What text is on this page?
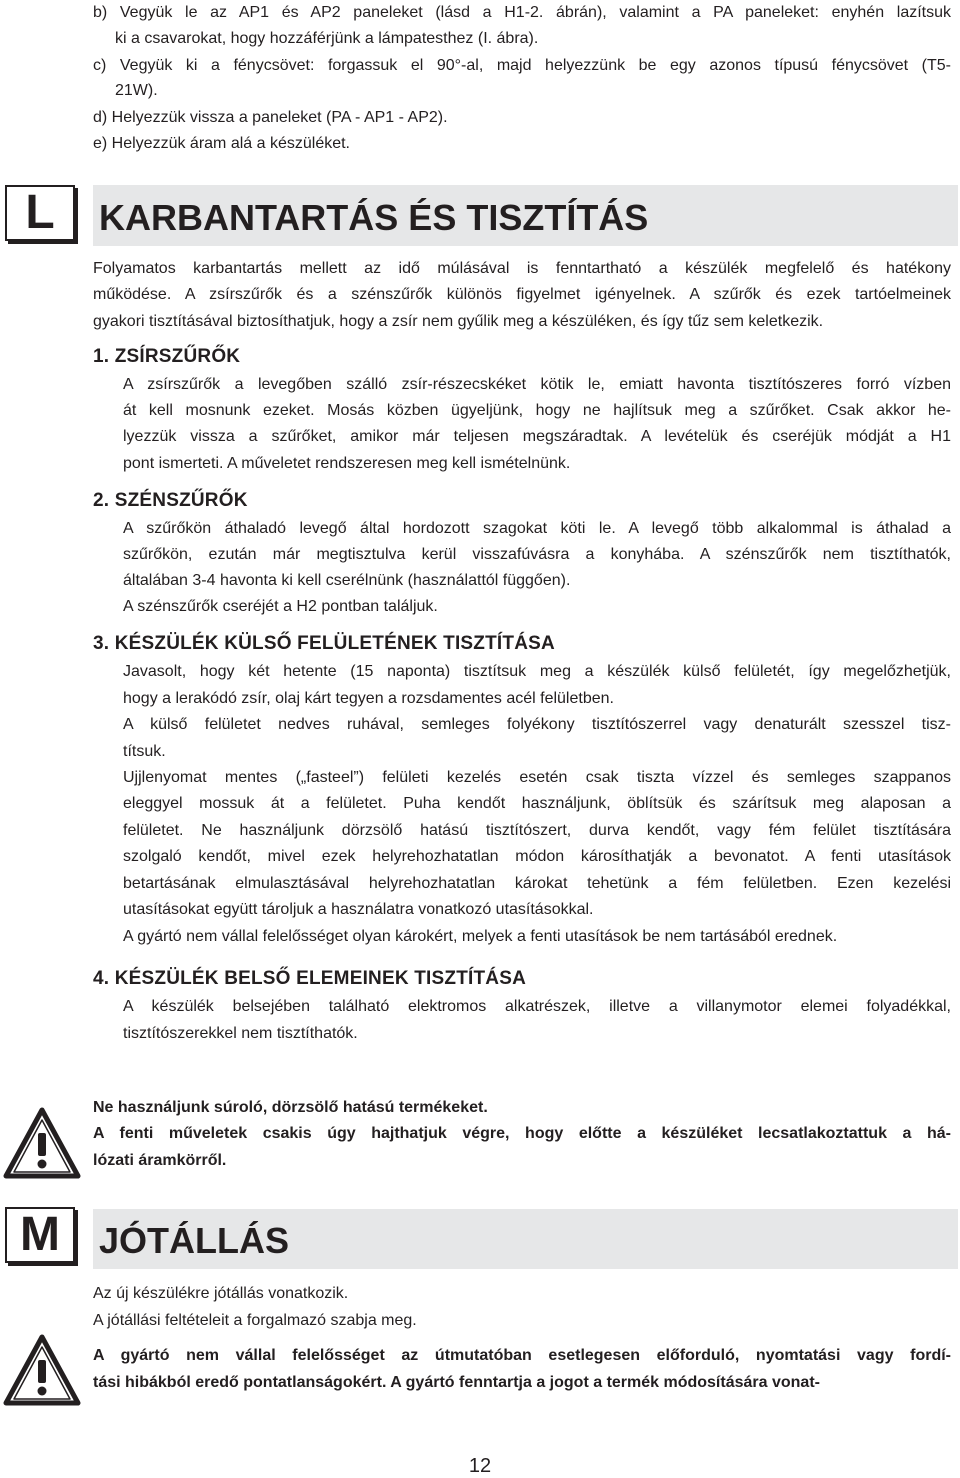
b) Vegyük le az AP1 és AP2 paneleket (lásd a H1-2. ábrán), valamint a PA paneleket: enyhén lazítsuk
ki a csavarokat, hogy hozzáférjünk a lámpatesthez (I. ábra).
c) Vegyük ki a fénycsövet: forgassuk el 90°-al, majd helyezzünk be egy azonos típusú fénycsövet (T5-
21W).
d) Helyezzük vissza a paneleket (PA - AP1 - AP2).
e) Helyezzük áram alá a készüléket.
L	KARBANTARTÁS ÉS TISZTÍTÁS
Folyamatos karbantartás mellett az idő múlásával is fenntartható a készülék megfelelő és hatékony
működése. A zsírszűrők és a szénszűrők különös figyelmet igényelnek. A szűrők és ezek tartóelmeinek
gyakori tisztításával biztosíthatjuk, hogy a zsír nem gyűlik meg a készüléken, és így tűz sem keletkezik.
1. ZSÍRSZŰRŐK
A zsírszűrők a levegőben szálló zsír-részecskéket kötik le, emiatt havonta tisztítószeres forró vízben
át kell mosnunk ezeket. Mosás közben ügyeljünk, hogy ne hajlítsuk meg a szűrőket. Csak akkor he-
lyezzük vissza a szűrőket, amikor már teljesen megszáradtak. A levételük és cseréjük módját a H1
pont ismerteti. A műveletet rendszeresen meg kell ismételnünk.
2. SZÉNSZŰRŐK
A szűrőkön áthaladó levegő által hordozott szagokat köti le. A levegő több alkalommal is áthalad a
szűrőkön, ezután már megtisztulva kerül visszafúvásra a konyhába. A szénszűrők nem tisztíthatók,
általában 3-4 havonta ki kell cserélnünk (használattól függően).
A szénszűrők cseréjét a H2 pontban találjuk.
3. KÉSZÜLÉK KÜLSŐ FELÜLETÉNEK TISZTÍTÁSA
Javasolt, hogy két hetente (15 naponta) tisztítsuk meg a készülék külső felületét, így megelőzhetjük,
hogy a lerakódó zsír, olaj kárt tegyen a rozsdamentes acél felületben.
A külső felületet nedves ruhával, semleges folyékony tisztítószerrel vagy denaturált szesszel tisz-
títsuk.
Ujjlenyomat mentes („fasteel”) felületi kezelés esetén csak tiszta vízzel és semleges szappanos
eleggyel mossuk át a felületet. Puha kendőt használjunk, öblítsük és szárítsuk meg alaposan a
felületet. Ne használjunk dörzsölő hatású tisztítószert, durva kendőt, vagy fém felület tisztítására
szolgaló kendőt, mivel ezek helyrehozhatatlan módon károsíthatják a bevonatot. A fenti utasítások
betartásának elmulasztásával helyrehozhatatlan károkat tehetünk a fém felületben. Ezen kezelési
utasításokat együtt tároljuk a használatra vonatkozó utasításokkal.
A gyártó nem vállal felelősséget olyan károkért, melyek a fenti utasítások be nem tartásából erednek.
4. KÉSZÜLÉK BELSŐ ELEMEINEK TISZTÍTÁSA
A készülék belsejében található elektromos alkatrészek, illetve a villanymotor elemei folyadékkal,
tisztítószerekkel nem tisztíthatók.
Ne használjunk súroló, dörzsölő hatású termékeket.
A fenti műveletek csakis úgy hajthatjuk végre, hogy előtte a készüléket lecsatlakoztattuk a há-
lózati áramkörről.
M	JÓTÁLLÁS
Az új készülékre jótállás vonatkozik.
A jótállási feltételeit a forgalmazó szabja meg.
A gyártó nem vállal felelősséget az útmutatóban esetlegesen előforduló, nyomtatási vagy fordí-
tási hibákból eredő pontatlanságokért. A gyártó fenntartja a jogot a termék módosítására vonat-
12
